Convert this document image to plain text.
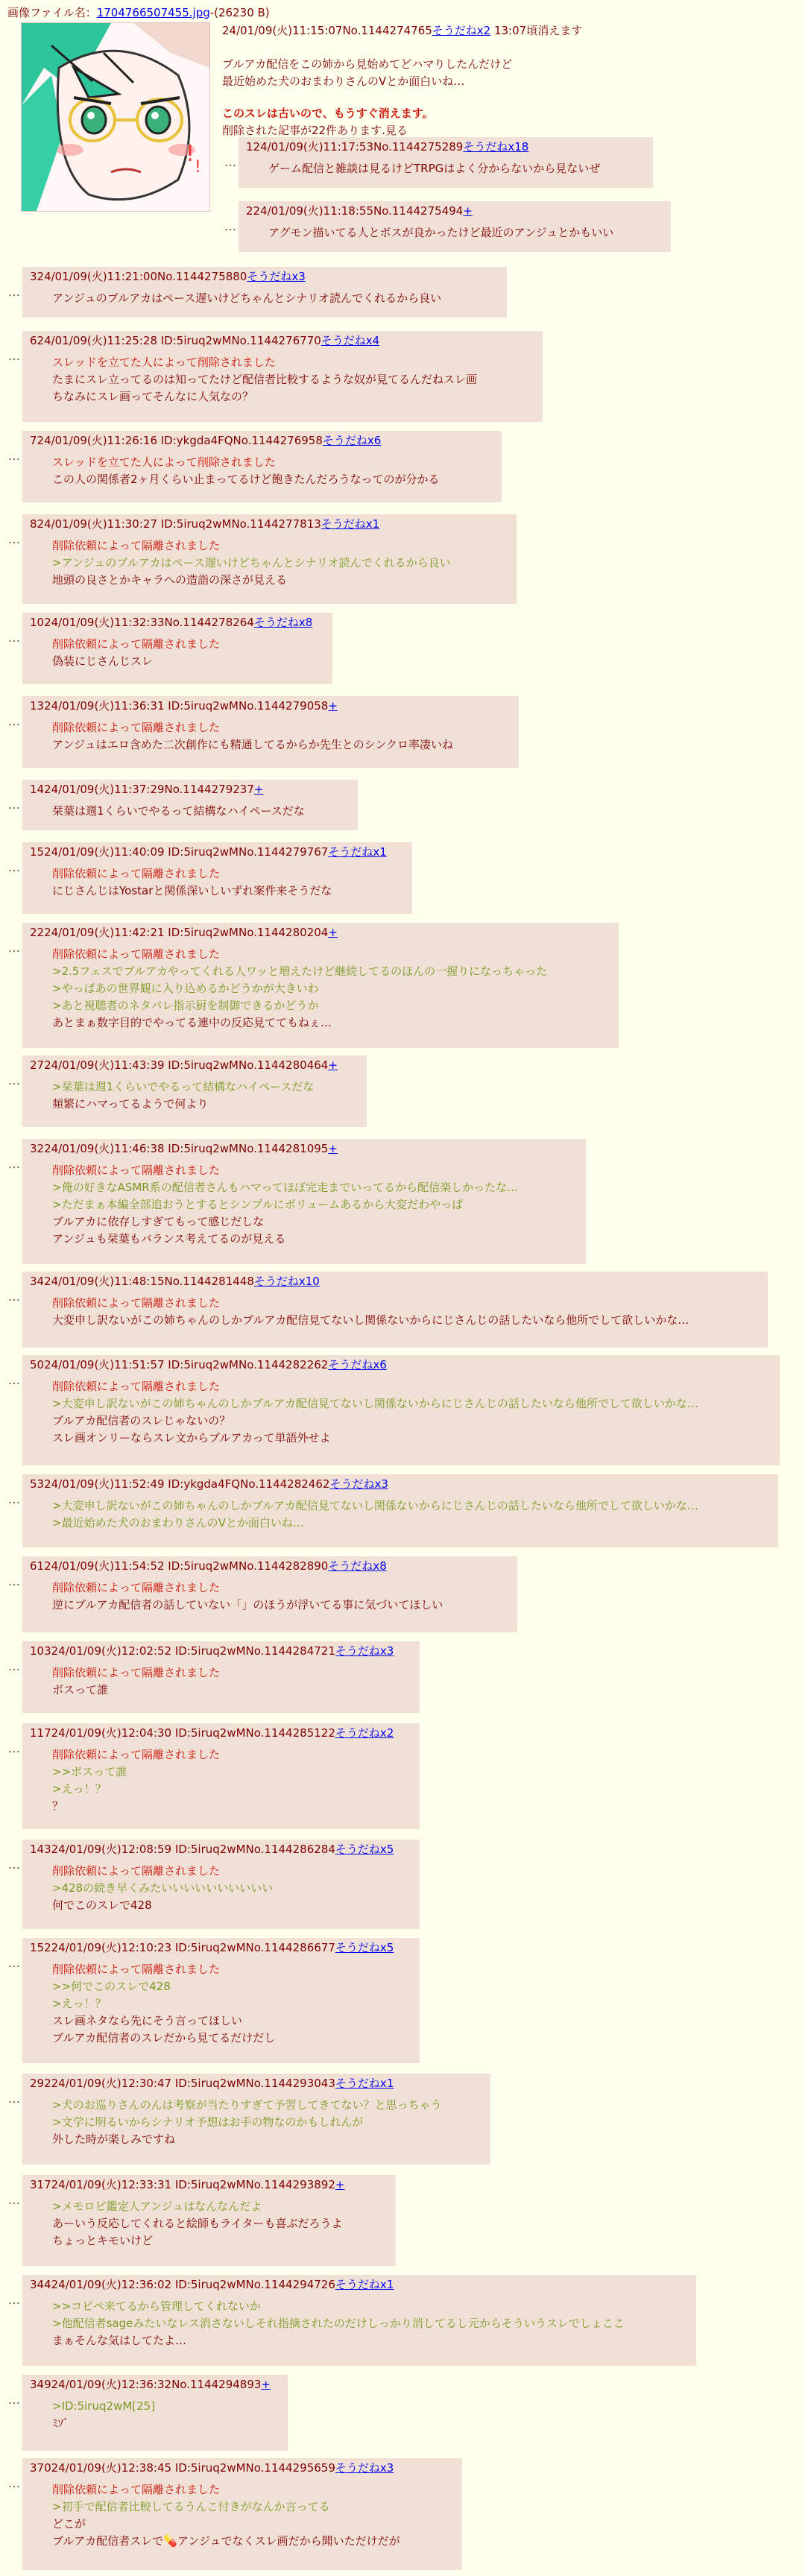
画像ファイル名：1704766507455.jpg-(26230 B)
!
!
24/01/09(火)11:15:07No.1144274765そうだねx2 13:07頃消えます
ブルアカ配信をこの姉から見始めてどハマりしたんだけど
最近始めた犬のおまわりさんのVとか面白いね…
このスレは古いので、もうすぐ消えます。
削除された記事が22件あります.見る
…
124/01/09(火)11:17:53No.1144275289そうだねx18
ゲーム配信と雑談は見るけどTRPGはよく分からないから見ないぜ
…
224/01/09(火)11:18:55No.1144275494+
アグモン描いてる人とボスが良かったけど最近のアンジュとかもいい
…
324/01/09(火)11:21:00No.1144275880そうだねx3
アンジュのブルアカはペース遅いけどちゃんとシナリオ読んでくれるから良い
…
624/01/09(火)11:25:28 ID:5iruq2wMNo.1144276770そうだねx4
スレッドを立てた人によって削除されました
たまにスレ立ってるのは知ってたけど配信者比較するような奴が見てるんだねスレ画
ちなみにスレ画ってそんなに人気なの？
…
724/01/09(火)11:26:16 ID:ykgda4FQNo.1144276958そうだねx6
スレッドを立てた人によって削除されました
この人の関係者2ヶ月くらい止まってるけど飽きたんだろうなってのが分かる
…
824/01/09(火)11:30:27 ID:5iruq2wMNo.1144277813そうだねx1
削除依頼によって隔離されました
>アンジュのブルアカはペース遅いけどちゃんとシナリオ読んでくれるから良い
地頭の良さとかキャラへの造詣の深さが見える
…
1024/01/09(火)11:32:33No.1144278264そうだねx8
削除依頼によって隔離されました
偽装にじさんじスレ
…
1324/01/09(火)11:36:31 ID:5iruq2wMNo.1144279058+
削除依頼によって隔離されました
アンジュはエロ含めた二次創作にも精通してるからか先生とのシンクロ率凄いね
…
1424/01/09(火)11:37:29No.1144279237+
栞葉は週1くらいでやるって結構なハイペースだな
…
1524/01/09(火)11:40:09 ID:5iruq2wMNo.1144279767そうだねx1
削除依頼によって隔離されました
にじさんじはYostarと関係深いしいずれ案件来そうだな
…
2224/01/09(火)11:42:21 ID:5iruq2wMNo.1144280204+
削除依頼によって隔離されました
>2.5フェスでブルアカやってくれる人ワッと増えたけど継続してるのほんの一握りになっちゃった
>やっぱあの世界観に入り込めるかどうかが大きいわ
>あと視聴者のネタバレ指示厨を制御できるかどうか
あとまぁ数字目的でやってる連中の反応見ててもねぇ…
…
2724/01/09(火)11:43:39 ID:5iruq2wMNo.1144280464+
>栞葉は週1くらいでやるって結構なハイペースだな
頻繁にハマってるようで何より
…
3224/01/09(火)11:46:38 ID:5iruq2wMNo.1144281095+
削除依頼によって隔離されました
>俺の好きなASMR系の配信者さんもハマってほぼ完走までいってるから配信楽しかったな…
>ただまぁ本編全部追おうとするとシンプルにボリュームあるから大変だわやっぱ
ブルアカに依存しすぎてもって感じだしな
アンジュも栞葉もバランス考えてるのが見える
…
3424/01/09(火)11:48:15No.1144281448そうだねx10
削除依頼によって隔離されました
大変申し訳ないがこの姉ちゃんのしかブルアカ配信見てないし関係ないからにじさんじの話したいなら他所でして欲しいかな…
…
5024/01/09(火)11:51:57 ID:5iruq2wMNo.1144282262そうだねx6
削除依頼によって隔離されました
>大変申し訳ないがこの姉ちゃんのしかブルアカ配信見てないし関係ないからにじさんじの話したいなら他所でして欲しいかな…
ブルアカ配信者のスレじゃないの？
スレ画オンリーならスレ文からブルアカって単語外せよ
…
5324/01/09(火)11:52:49 ID:ykgda4FQNo.1144282462そうだねx3
>大変申し訳ないがこの姉ちゃんのしかブルアカ配信見てないし関係ないからにじさんじの話したいなら他所でして欲しいかな…
>最近始めた犬のおまわりさんのVとか面白いね…
…
6124/01/09(火)11:54:52 ID:5iruq2wMNo.1144282890そうだねx8
削除依頼によって隔離されました
逆にブルアカ配信者の話していない「」のほうが浮いてる事に気づいてほしい
…
10324/01/09(火)12:02:52 ID:5iruq2wMNo.1144284721そうだねx3
削除依頼によって隔離されました
ボスって誰
…
11724/01/09(火)12:04:30 ID:5iruq2wMNo.1144285122そうだねx2
削除依頼によって隔離されました
>>ボスって誰
>えっ！？
？
…
14324/01/09(火)12:08:59 ID:5iruq2wMNo.1144286284そうだねx5
削除依頼によって隔離されました
>428の続き早くみたいいいいいいいいいい
何でこのスレで428
…
15224/01/09(火)12:10:23 ID:5iruq2wMNo.1144286677そうだねx5
削除依頼によって隔離されました
>>何でこのスレで428
>えっ！？
スレ画ネタなら先にそう言ってほしい
ブルアカ配信者のスレだから見てるだけだし
…
29224/01/09(火)12:30:47 ID:5iruq2wMNo.1144293043そうだねx1
>犬のお巡りさんのんは考察が当たりすぎて予習してきてない？と思っちゃう
>文学に明るいからシナリオ予想はお手の物なのかもしれんが
外した時が楽しみですね
…
31724/01/09(火)12:33:31 ID:5iruq2wMNo.1144293892+
>メモロビ鑑定人アンジュはなんなんだよ
あーいう反応してくれると絵師もライターも喜ぶだろうよ
ちょっとキモいけど
…
34424/01/09(火)12:36:02 ID:5iruq2wMNo.1144294726そうだねx1
>>コピペ来てるから管理してくれないか
>他配信者sageみたいなレス消さないしそれ指摘されたのだけしっかり消してるし元からそういうスレでしょここ
まぁそんな気はしてたよ…
…
34924/01/09(火)12:36:32No.1144294893+
>ID:5iruq2wM[25]
ﾐｿﾞ
…
37024/01/09(火)12:38:45 ID:5iruq2wMNo.1144295659そうだねx3
削除依頼によって隔離されました
>初手で配信者比較してるうんこ付きがなんか言ってる
どこが
ブルアカ配信者スレで💊アンジュでなくスレ画だから聞いただけだが
